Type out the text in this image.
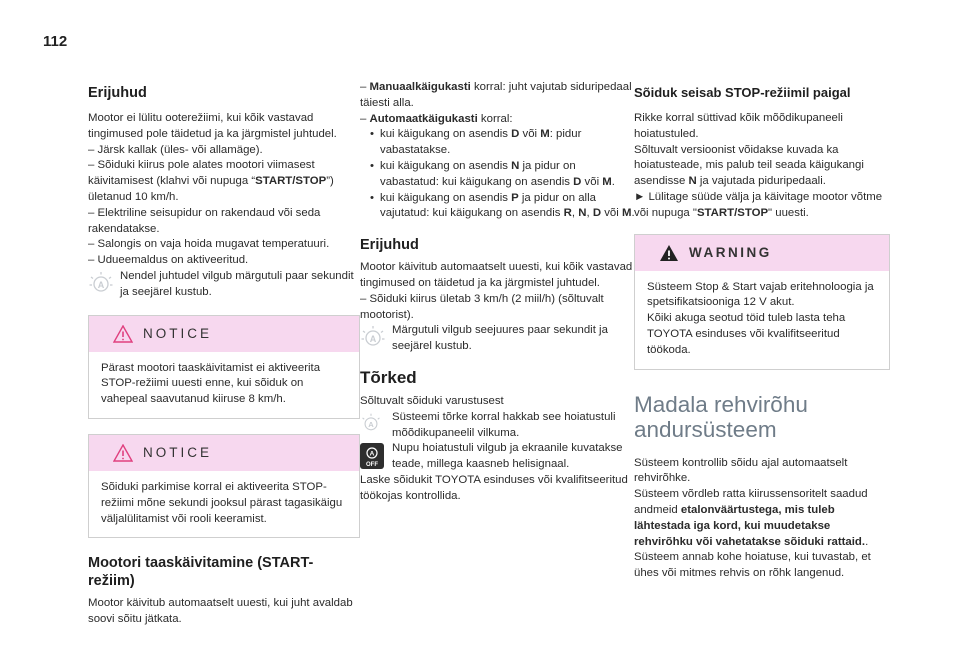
112
Erijuhud

Mootor ei lülitu ooterežiimi, kui kõik vastavad tingimused pole täidetud ja ka järgmistel juhtudel.

– Järsk kallak (üles- või allamäge).

– Sõiduki kiirus pole alates mootori viimasest käivitamisest (klahvi või nupuga “START/STOP”) ületanud 10 km/h.

– Elektriline seisupidur on rakendaud või seda rakendatakse.

– Salongis on vaja hoida mugavat temperatuuri.

– Udueemaldus on aktiveeritud.

A

Nendel juhtudel vilgub märgutuli paar sekundit ja seejärel kustub.

NOTICE

Pärast mootori taaskäivitamist ei aktiveerita STOP-režiimi uuesti enne, kui sõiduk on vahepeal saavutanud kiiruse 8 km/h.

NOTICE

Sõiduki parkimise korral ei aktiveerita STOP-režiimi mõne sekundi jooksul pärast tagasikäigu väljalülitamist või rooli keeramist.

Mootori taaskäivitamine (START-režiim)

Mootor käivitub automaatselt uuesti, kui juht avaldab soovi sõitu jätkata.

– Manuaalkäigukasti korral: juht vajutab siduripedaal täiesti alla.

– Automaatkäigukasti korral:

• kui käigukang on asendis D või M: pidur vabastatakse.

• kui käigukang on asendis N ja pidur on vabastatud: kui käigukang on asendis D või M.

• kui käigukang on asendis P ja pidur on alla vajutatud: kui käigukang on asendis R, N, D või M.

Erijuhud

Mootor käivitub automaatselt uuesti, kui kõik vastavad tingimused on täidetud ja ka järgmistel juhtudel.

– Sõiduki kiirus ületab 3 km/h (2 miil/h) (sõltuvalt mootorist).

A

Märgutuli vilgub seejuures paar sekundit ja seejärel kustub.

Tõrked

Sõltuvalt sõiduki varustusest

A

Süsteemi tõrke korral hakkab see hoiatustuli mõõdikupaneelil vilkuma.

A
OFF

Nupu hoiatustuli vilgub ja ekraanile kuvatakse teade, millega kaasneb helisignaal.

Laske sõidukit TOYOTA esinduses või kvalifitseeritud töökojas kontrollida.

Sõiduk seisab STOP-režiimil paigal

Rikke korral süttivad kõik mõõdikupaneeli hoiatustuled.

Sõltuvalt versioonist võidakse kuvada ka hoiatusteade, mis palub teil seada käigukangi asendisse N ja vajutada piduripedaali.

► Lülitage süüde välja ja käivitage mootor võtme või nupuga "START/STOP" uuesti.

WARNING

Süsteem Stop & Start vajab eritehnoloogia ja spetsifikatsiooniga 12 V akut.
Kõiki akuga seotud töid tuleb lasta teha TOYOTA esinduses või kvalifitseeritud töökoda.

Madala rehvirõhu andursüsteem

Süsteem kontrollib sõidu ajal automaatselt rehvirõhke.

Süsteem võrdleb ratta kiirussensoritelt saadud andmeid etalonväärtustega, mis tuleb lähtestada iga kord, kui muudetakse rehvirõhku või vahetatakse sõiduki rattaid..

Süsteem annab kohe hoiatuse, kui tuvastab, et ühes või mitmes rehvis on rõhk langenud.
